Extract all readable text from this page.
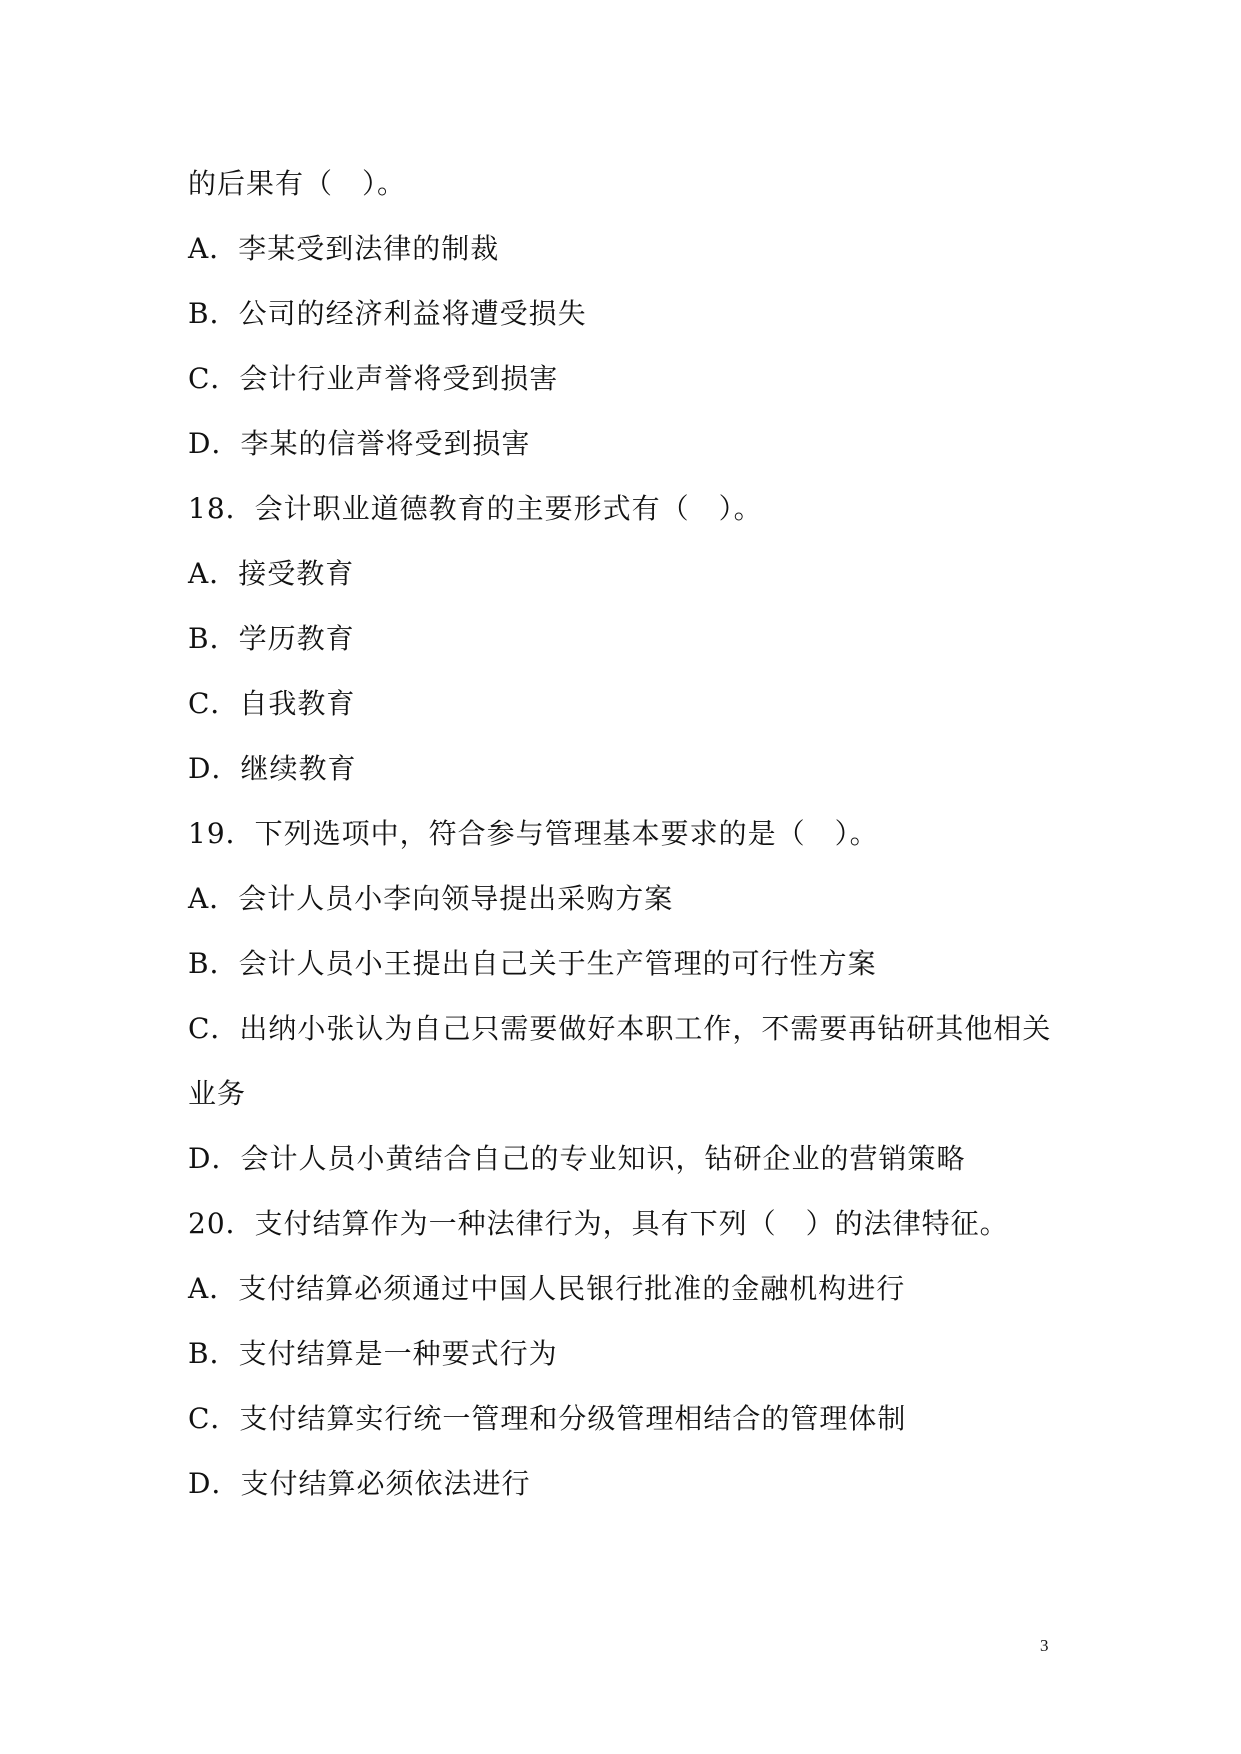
的后果有（　）。
A．李某受到法律的制裁
B．公司的经济利益将遭受损失
C．会计行业声誉将受到损害
D．李某的信誉将受到损害
18．会计职业道德教育的主要形式有（　）。
A．接受教育
B．学历教育
C．自我教育
D．继续教育
19．下列选项中，符合参与管理基本要求的是（　）。
A．会计人员小李向领导提出采购方案
B．会计人员小王提出自己关于生产管理的可行性方案
C．出纳小张认为自己只需要做好本职工作，不需要再钻研其他相关
业务
D．会计人员小黄结合自己的专业知识，钻研企业的营销策略
20．支付结算作为一种法律行为，具有下列（　）的法律特征。
A．支付结算必须通过中国人民银行批准的金融机构进行
B．支付结算是一种要式行为
C．支付结算实行统一管理和分级管理相结合的管理体制
D．支付结算必须依法进行
3
